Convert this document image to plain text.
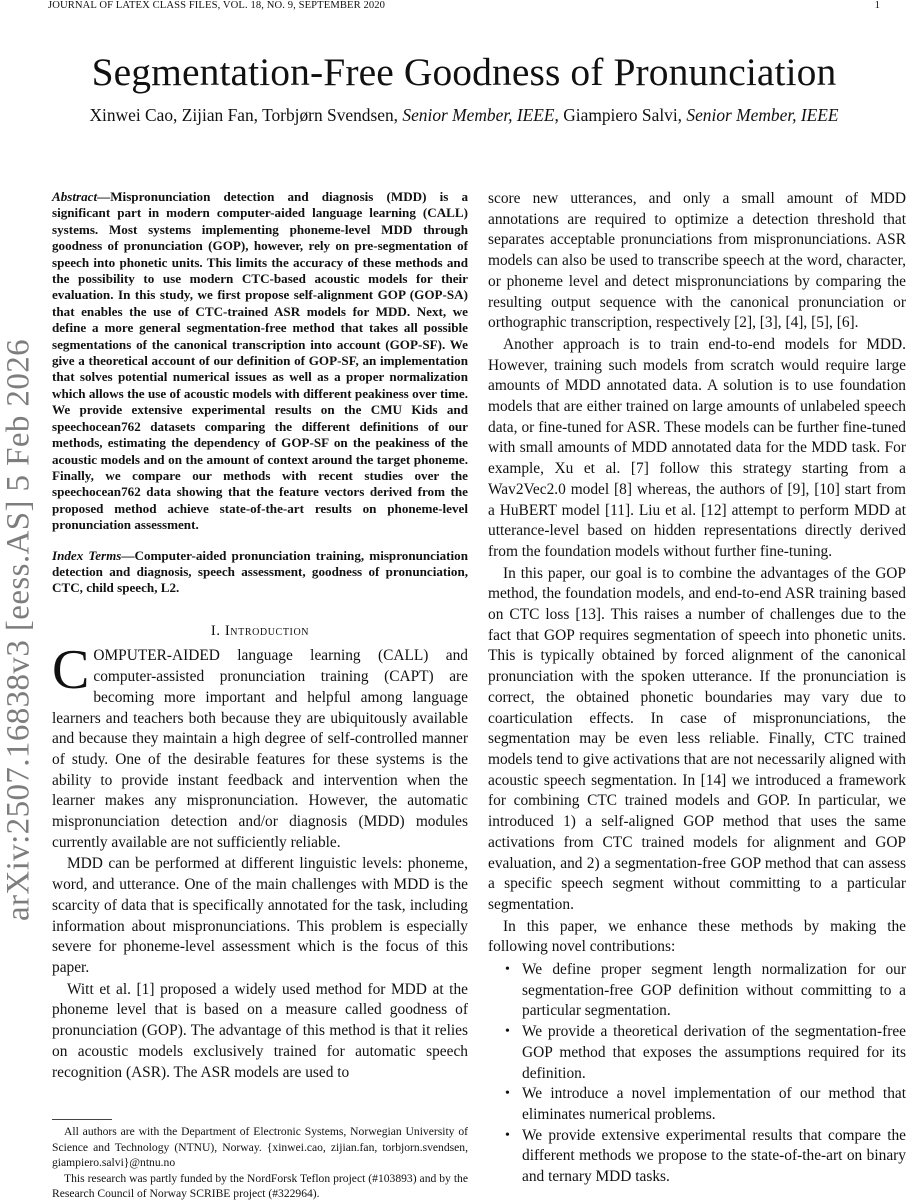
JOURNAL OF LATEX CLASS FILES, VOL. 18, NO. 9, SEPTEMBER 2020	1
arXiv:2507.16838v3 [eess.AS] 5 Feb 2026
Segmentation-Free Goodness of Pronunciation
Xinwei Cao, Zijian Fan, Torbjørn Svendsen, Senior Member, IEEE, Giampiero Salvi, Senior Member, IEEE

Abstract—Mispronunciation detection and diagnosis (MDD) is a significant part in modern computer-aided language learning (CALL) systems. Most systems implementing phoneme-level MDD through goodness of pronunciation (GOP), however, rely on pre-segmentation of speech into phonetic units. This limits the accuracy of these methods and the possibility to use modern CTC-based acoustic models for their evaluation. In this study, we first propose self-alignment GOP (GOP-SA) that enables the use of CTC-trained ASR models for MDD. Next, we define a more general segmentation-free method that takes all possible segmentations of the canonical transcription into account (GOP-SF). We give a theoretical account of our definition of GOP-SF, an implementation that solves potential numerical issues as well as a proper normalization which allows the use of acoustic models with different peakiness over time. We provide extensive experimental results on the CMU Kids and speechocean762 datasets comparing the different definitions of our methods, estimating the dependency of GOP-SF on the peakiness of the acoustic models and on the amount of context around the target phoneme. Finally, we compare our methods with recent studies over the speechocean762 data showing that the feature vectors derived from the proposed method achieve state-of-the-art results on phoneme-level pronunciation assessment.

Index Terms—Computer-aided pronunciation training, mispronunciation detection and diagnosis, speech assessment, goodness of pronunciation, CTC, child speech, L2.

I. Introduction

COMPUTER-AIDED language learning (CALL) and computer-assisted pronunciation training (CAPT) are becoming more important and helpful among language learners and teachers both because they are ubiquitously available and because they maintain a high degree of self-controlled manner of study. One of the desirable features for these systems is the ability to provide instant feedback and intervention when the learner makes any mispronunciation. However, the automatic mispronunciation detection and/or diagnosis (MDD) modules currently available are not sufficiently reliable.

MDD can be performed at different linguistic levels: phoneme, word, and utterance. One of the main challenges with MDD is the scarcity of data that is specifically annotated for the task, including information about mispronunciations. This problem is especially severe for phoneme-level assessment which is the focus of this paper.

Witt et al. [1] proposed a widely used method for MDD at the phoneme level that is based on a measure called goodness of pronunciation (GOP). The advantage of this method is that it relies on acoustic models exclusively trained for automatic speech recognition (ASR). The ASR models are used to

All authors are with the Department of Electronic Systems, Norwegian University of Science and Technology (NTNU), Norway. {xinwei.cao, zijian.fan, torbjorn.svendsen, giampiero.salvi}@ntnu.no

This research was partly funded by the NordForsk Teflon project (#103893) and by the Research Council of Norway SCRIBE project (#322964).

score new utterances, and only a small amount of MDD annotations are required to optimize a detection threshold that separates acceptable pronunciations from mispronunciations. ASR models can also be used to transcribe speech at the word, character, or phoneme level and detect mispronunciations by comparing the resulting output sequence with the canonical pronunciation or orthographic transcription, respectively [2], [3], [4], [5], [6].

Another approach is to train end-to-end models for MDD. However, training such models from scratch would require large amounts of MDD annotated data. A solution is to use foundation models that are either trained on large amounts of unlabeled speech data, or fine-tuned for ASR. These models can be further fine-tuned with small amounts of MDD annotated data for the MDD task. For example, Xu et al. [7] follow this strategy starting from a Wav2Vec2.0 model [8] whereas, the authors of [9], [10] start from a HuBERT model [11]. Liu et al. [12] attempt to perform MDD at utterance-level based on hidden representations directly derived from the foundation models without further fine-tuning.

In this paper, our goal is to combine the advantages of the GOP method, the foundation models, and end-to-end ASR training based on CTC loss [13]. This raises a number of challenges due to the fact that GOP requires segmentation of speech into phonetic units. This is typically obtained by forced alignment of the canonical pronunciation with the spoken utterance. If the pronunciation is correct, the obtained phonetic boundaries may vary due to coarticulation effects. In case of mispronunciations, the segmentation may be even less reliable. Finally, CTC trained models tend to give activations that are not necessarily aligned with acoustic speech segmentation. In [14] we introduced a framework for combining CTC trained models and GOP. In particular, we introduced 1) a self-aligned GOP method that uses the same activations from CTC trained models for alignment and GOP evaluation, and 2) a segmentation-free GOP method that can assess a specific speech segment without committing to a particular segmentation.

In this paper, we enhance these methods by making the following novel contributions:

• We define proper segment length normalization for our segmentation-free GOP definition without committing to a particular segmentation.
• We provide a theoretical derivation of the segmentation-free GOP method that exposes the assumptions required for its definition.
• We introduce a novel implementation of our method that eliminates numerical problems.
• We provide extensive experimental results that compare the different methods we propose to the state-of-the-art on binary and ternary MDD tasks.
